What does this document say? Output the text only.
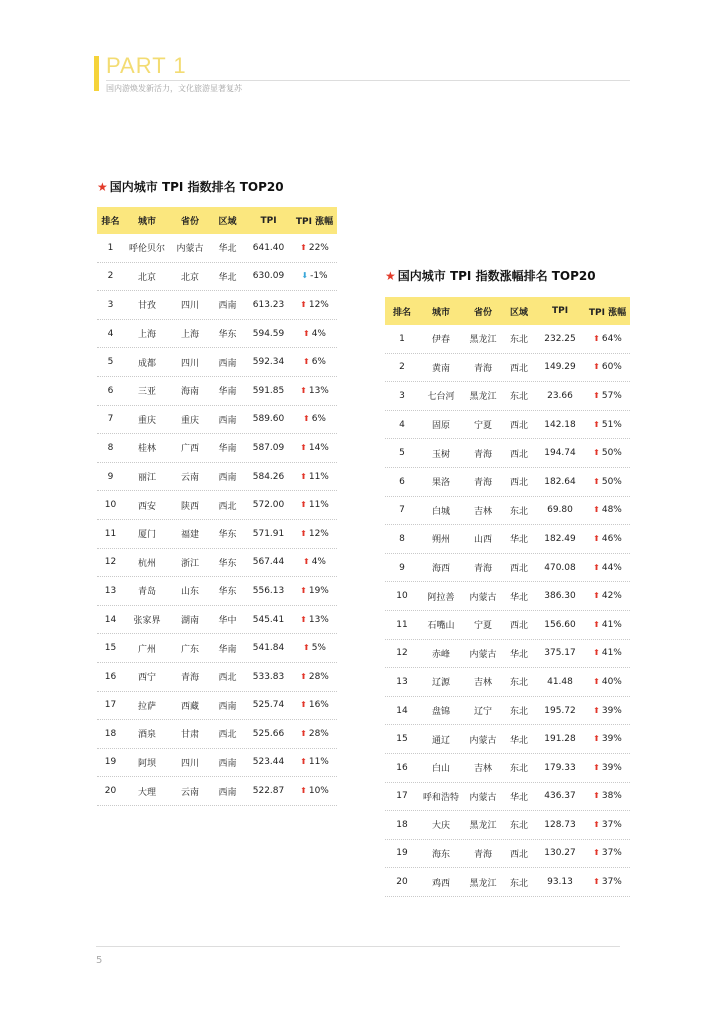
PART 1
国内游焕发新活力，文化旅游显著复苏
★ 国内城市 TPI 指数排名 TOP20
排名	城市	省份	区域	TPI	TPI 涨幅
1	呼伦贝尔	内蒙古	华北	641.40	⬆ 22%
2	北京	北京	华北	630.09	⬇ -1%
3	甘孜	四川	西南	613.23	⬆ 12%
4	上海	上海	华东	594.59	⬆ 4%
5	成都	四川	西南	592.34	⬆ 6%
6	三亚	海南	华南	591.85	⬆ 13%
7	重庆	重庆	西南	589.60	⬆ 6%
8	桂林	广西	华南	587.09	⬆ 14%
9	丽江	云南	西南	584.26	⬆ 11%
10	西安	陕西	西北	572.00	⬆ 11%
11	厦门	福建	华东	571.91	⬆ 12%
12	杭州	浙江	华东	567.44	⬆ 4%
13	青岛	山东	华东	556.13	⬆ 19%
14	张家界	湖南	华中	545.41	⬆ 13%
15	广州	广东	华南	541.84	⬆ 5%
16	西宁	青海	西北	533.83	⬆ 28%
17	拉萨	西藏	西南	525.74	⬆ 16%
18	酒泉	甘肃	西北	525.66	⬆ 28%
19	阿坝	四川	西南	523.44	⬆ 11%
20	大理	云南	西南	522.87	⬆ 10%
★ 国内城市 TPI 指数涨幅排名 TOP20
排名	城市	省份	区域	TPI	TPI 涨幅
1	伊春	黑龙江	东北	232.25	⬆ 64%
2	黄南	青海	西北	149.29	⬆ 60%
3	七台河	黑龙江	东北	23.66	⬆ 57%
4	固原	宁夏	西北	142.18	⬆ 51%
5	玉树	青海	西北	194.74	⬆ 50%
6	果洛	青海	西北	182.64	⬆ 50%
7	白城	吉林	东北	69.80	⬆ 48%
8	朔州	山西	华北	182.49	⬆ 46%
9	海西	青海	西北	470.08	⬆ 44%
10	阿拉善	内蒙古	华北	386.30	⬆ 42%
11	石嘴山	宁夏	西北	156.60	⬆ 41%
12	赤峰	内蒙古	华北	375.17	⬆ 41%
13	辽源	吉林	东北	41.48	⬆ 40%
14	盘锦	辽宁	东北	195.72	⬆ 39%
15	通辽	内蒙古	华北	191.28	⬆ 39%
16	白山	吉林	东北	179.33	⬆ 39%
17	呼和浩特	内蒙古	华北	436.37	⬆ 38%
18	大庆	黑龙江	东北	128.73	⬆ 37%
19	海东	青海	西北	130.27	⬆ 37%
20	鸡西	黑龙江	东北	93.13	⬆ 37%
5
